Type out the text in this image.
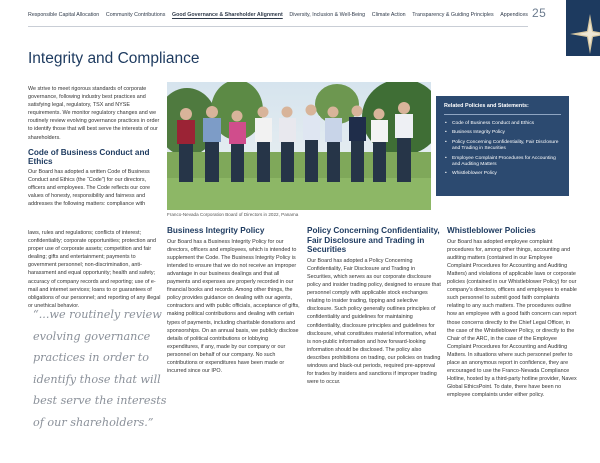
Responsible Capital Allocation Community Contributions Good Governance & Shareholder Alignment Diversity, Inclusion & Well-Being Climate Action Transparency & Guiding Principles Appendices 25
Integrity and Compliance

We strive to meet rigorous standards of corporate governance, following industry best practices and satisfying legal, regulatory, TSX and NYSE requirements. We monitor regulatory changes and we routinely review evolving governance practices in order to identify those that will best serve the interests of our shareholders.

Code of Business Conduct and Ethics

Our Board has adopted a written Code of Business Conduct and Ethics (the “Code”) for our directors, officers and employees. The Code reflects our core values of honesty, responsibility and fairness and addresses the following matters: compliance with

laws, rules and regulations; conflicts of interest; confidentiality; corporate opportunities; protection and proper use of corporate assets; competition and fair dealing; gifts and entertainment; payments to government personnel; non-discrimination, anti-harassment and equal opportunity; health and safety; accuracy of company records and reporting; use of e-mail and internet services; loans to or guarantees of obligations of our personnel; and reporting of any illegal or unethical behavior.

“...we routinely review evolving governance practices in order to identify those that will best serve the interests of our shareholders.”
Franco-Nevada Corporation Board of Directors in 2022, Panama
Related Policies and Statements:
• Code of Business Conduct and Ethics
• Business Integrity Policy
• Policy Concerning Confidentiality, Fair Disclosure and Trading in Securities
• Employee Complaint Procedures for Accounting and Auditing Matters
• Whistleblower Policy
Business Integrity Policy

Our Board has a Business Integrity Policy for our directors, officers and employees, which is intended to supplement the Code. The Business Integrity Policy is intended to ensure that we do not receive an improper advantage in our business dealings and that all payments and expenses are properly recorded in our financial books and records. Among other things, the policy provides guidance on dealing with our agents, contractors and with public officials, acceptance of gifts, making political contributions and dealing with certain types of payments, including charitable donations and sponsorships. On an annual basis, we publicly disclose details of political contributions or lobbying expenditures, if any, made by our company or our personnel on behalf of our company. No such contributions or expenditures have been made or incurred since our IPO.

Policy Concerning Confidentiality, Fair Disclosure and Trading in Securities

Our Board has adopted a Policy Concerning Confidentiality, Fair Disclosure and Trading in Securities, which serves as our corporate disclosure policy and insider trading policy, designed to ensure that personnel comply with applicable stock exchanges relating to insider trading, tipping and selective disclosure. Such policy generally outlines principles of confidentiality and guidelines for maintaining confidentiality, disclosure principles and guidelines for disclosure, what constitutes material information, what is non-public information and how forward-looking information should be disclosed. The policy also describes prohibitions on trading, our policies on trading windows and black-out periods, required pre-approval for trades by insiders and sanctions if improper trading were to occur.

Whistleblower Policies

Our Board has adopted employee complaint procedures for, among other things, accounting and auditing matters (contained in our Employee Complaint Procedures for Accounting and Auditing Matters) and violations of applicable laws or corporate policies (contained in our Whistleblower Policy) for our company’s directors, officers and employees to enable such personnel to submit good faith complaints relating to any such matters. The procedures outline how an employee with a good faith concern can report those concerns directly to the Chief Legal Officer, in the case of the Whistleblower Policy, or directly to the Chair of the ARC, in the case of the Employee Complaint Procedures for Accounting and Auditing Matters. In situations where such personnel prefer to place an anonymous report in confidence, they are encouraged to use the Franco-Nevada Compliance Hotline, hosted by a third-party hotline provider, Navex Global EthicsPoint. To date, there have been no employee complaints under either policy.
